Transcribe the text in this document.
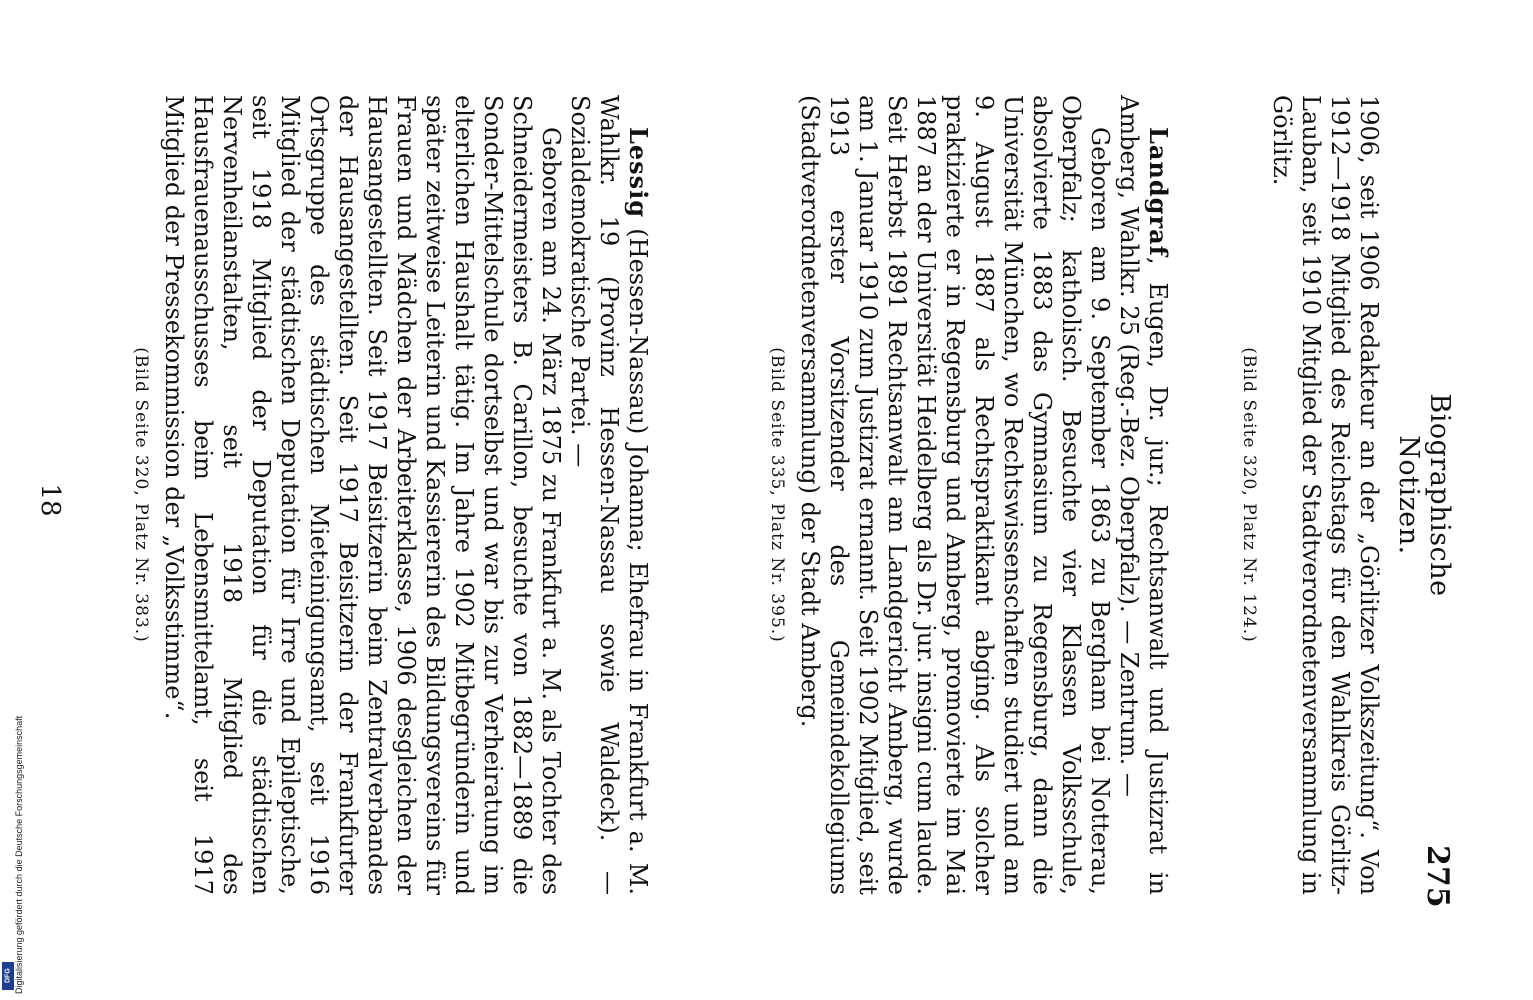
Biographische Notizen.
275

1906, seit 1906 Redakteur an der „Görlitzer Volkszeitung“. Von 1912—1918 Mitglied des Reichstags für den Wahlkreis Görlitz-Lauban, seit 1910 Mitglied der Stadtverordnetenversammlung in Görlitz.

(Bild Seite 320, Platz Nr. 124.)

Landgraf, Eugen, Dr. jur.; Rechtsanwalt und Justizrat in Amberg, Wahlkr. 25 (Reg.-Bez. Oberpfalz). — Zentrum. —

Geboren am 9. September 1863 zu Bergham bei Notterau, Oberpfalz; katholisch. Besuchte vier Klassen Volksschule, absolvierte 1883 das Gymnasium zu Regensburg, dann die Universität München, wo Rechtswissenschaften studiert und am 9. August 1887 als Rechtspraktikant abging. Als solcher praktizierte er in Regensburg und Amberg, promovierte im Mai 1887 an der Universität Heidelberg als Dr. jur. insigni cum laude. Seit Herbst 1891 Rechtsanwalt am Landgericht Amberg, wurde am 1. Januar 1910 zum Justizrat ernannt. Seit 1902 Mitglied, seit 1913 erster Vorsitzender des Gemeindekollegiums (Stadtverordnetenversammlung) der Stadt Amberg.

(Bild Seite 335, Platz Nr. 395.)

Lessig (Hessen-Nassau) Johanna; Ehefrau in Frankfurt a. M. Wahlkr. 19 (Provinz Hessen-Nassau sowie Waldeck). — Sozialdemokratische Partei. —

Geboren am 24. März 1875 zu Frankfurt a. M. als Tochter des Schneidermeisters B. Carillon, besuchte von 1882—1889 die Sonder-Mittelschule dortselbst und war bis zur Verheiratung im elterlichen Haushalt tätig. Im Jahre 1902 Mitbegründerin und später zeitweise Leiterin und Kassiererin des Bildungsvereins für Frauen und Mädchen der Arbeiterklasse, 1906 desgleichen der Hausangestellten. Seit 1917 Beisitzerin beim Zentralverbandes der Hausangestellten. Seit 1917 Beisitzerin der Frankfurter Ortsgruppe des städtischen Mieteinigungsamt, seit 1916 Mitglied der städtischen Deputation für Irre und Epileptische, seit 1918 Mitglied der Deputation für die städtischen Nervenheilanstalten, seit 1918 Mitglied des Hausfrauenausschusses beim Lebensmittelamt, seit 1917 Mitglied der Pressekommission der „Volksstimme“.

(Bild Seite 320, Platz Nr. 383.)
18
Digitalisierung gefördert durch die Deutsche Forschungsgemeinschaft
DFG
